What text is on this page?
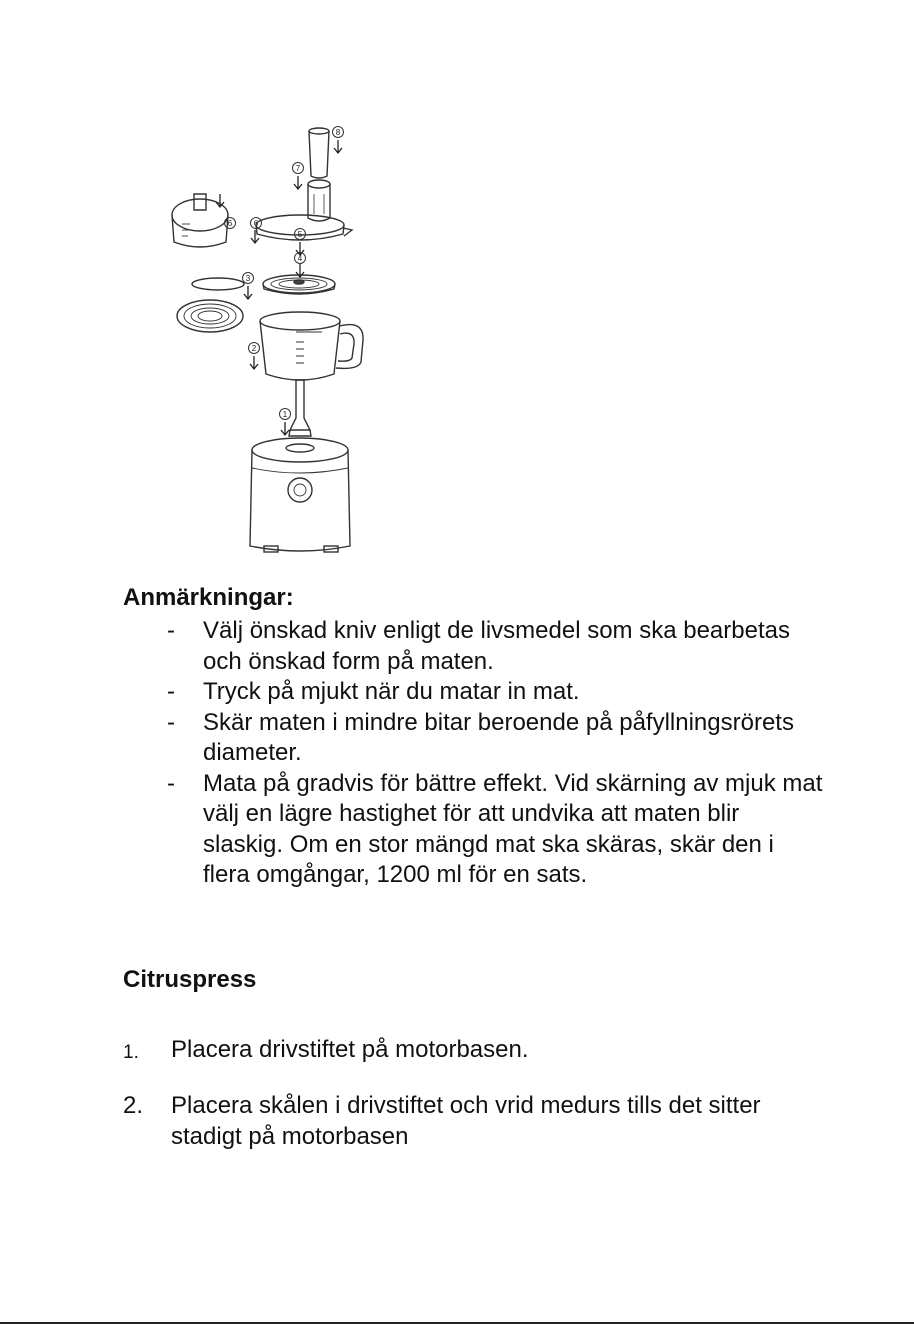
8
7
5
4
6
6
3
2
1
Anmärkningar:
- Välj önskad kniv enligt de livsmedel som ska bearbetas och önskad form på maten.
- Tryck på mjukt när du matar in mat.
- Skär maten i mindre bitar beroende på påfyllningsrörets diameter.
- Mata på gradvis för bättre effekt. Vid skärning av mjuk mat välj en lägre hastighet för att undvika att maten blir slaskig. Om en stor mängd mat ska skäras, skär den i flera omgångar, 1200 ml för en sats.
Citruspress
1. Placera drivstiftet på motorbasen.
2. Placera skålen i drivstiftet och vrid medurs tills det sitter stadigt på motorbasen
